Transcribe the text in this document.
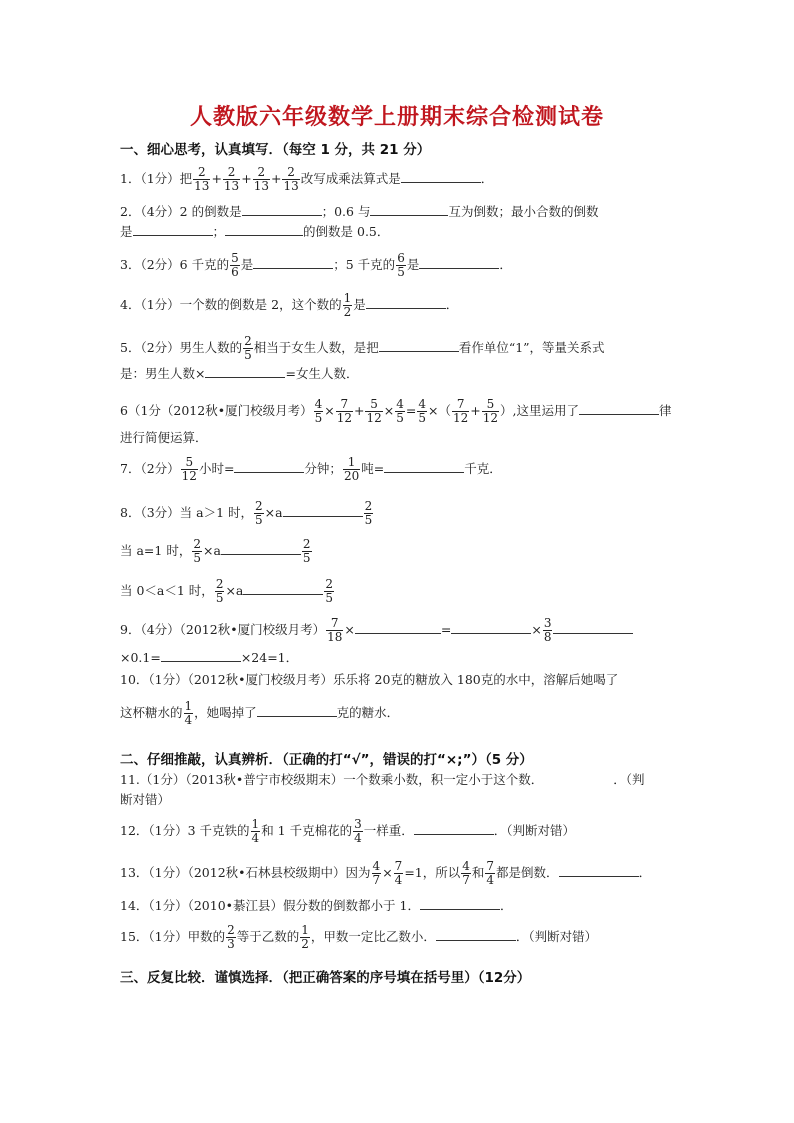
人教版六年级数学上册期末综合检测试卷
一、细心思考，认真填写．（每空 1 分，共 21 分）
1．（1分）把 $\frac{2}{13} + \frac{2}{13} + \frac{2}{13} + \frac{2}{13}$ 改写成乘法算式是	．
2．（4分）2 的倒数是	；0.6 与	互为倒数；最小合数的倒数
是	；	的倒数是 0.5．
3．（2分）6 千克的 $\frac{5}{6}$ 是	；5 千克的 $\frac{6}{5}$ 是	．
4．（1分）一个数的倒数是 2，这个数的 $\frac{1}{2}$ 是	．
5．（2分）男生人数的 $\frac{2}{5}$ 相当于女生人数，是把	看作单位“1”，等量关系式
是：男生人数×	=女生人数．
6（1分（2012秋•厦门校级月考） $\frac{4}{5} \times \frac{7}{12} + \frac{5}{12} \times \frac{4}{5} = \frac{4}{5}$ ×（ $\frac{7}{12} + \frac{5}{12}$ ）,这里运用了	律
进行简便运算．
7．（2分） $\frac{5}{12}$ 小时=	分钟； $\frac{1}{20}$ 吨=	千克．
8．（3分）当 a＞1 时， $\frac{2}{5} \times a$	$\frac{2}{5}$
当 a=1 时， $\frac{2}{5} \times a$	$\frac{2}{5}$
当 0＜a＜1 时， $\frac{2}{5} \times a$	$\frac{2}{5}$
9．（4分）（2012秋•厦门校级月考） $\frac{7}{18}$ ×	=	× $\frac{3}{8}$
×0.1=	×24=1．
10．（1分）（2012秋•厦门校级月考）乐乐将 20克的糖放入 180克的水中，溶解后她喝了
这杯糖水的 $\frac{1}{4}$ ，她喝掉了	克的糖水．
二、仔细推敲，认真辨析．（正确的打“√”，错误的打“×;”）（5 分）
11.（1分）（2013秋•普宁市校级期末）一个数乘小数，积一定小于这个数．	．（判
断对错）
12．（1分）3 千克铁的 $\frac{1}{4}$ 和 1 千克棉花的 $\frac{3}{4}$ 一样重．	．（判断对错）
13．（1分）（2012秋•石林县校级期中）因为 $\frac{4}{7} \times \frac{7}{4} =1$，所以 $\frac{4}{7}$ 和 $\frac{7}{4}$ 都是倒数．	．
14．（1分）（2010•綦江县）假分数的倒数都小于 1．	．
15．（1分）甲数的 $\frac{2}{3}$ 等于乙数的 $\frac{1}{2}$ ，甲数一定比乙数小．	．（判断对错）
三、反复比较．谨慎选择．（把正确答案的序号填在括号里）（12分）
